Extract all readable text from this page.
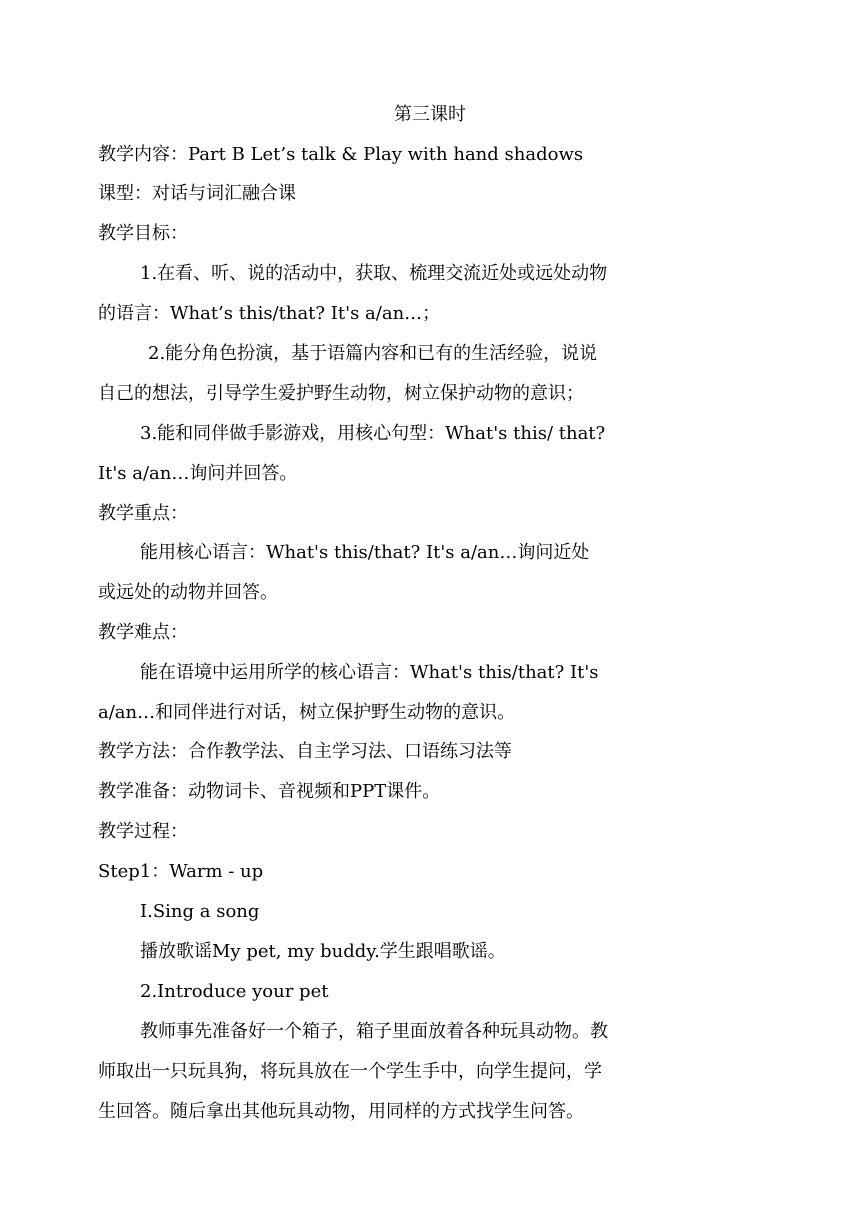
第三课时
教学内容：Part B Let’s talk & Play with hand shadows
课型：对话与词汇融合课
教学目标：
1.在看、听、说的活动中，获取、梳理交流近处或远处动物
的语言：What’s this/that? It's a/an…；
2.能分角色扮演，基于语篇内容和已有的生活经验，说说
自己的想法，引导学生爱护野生动物，树立保护动物的意识；
3.能和同伴做手影游戏，用核心句型：What's this/ that?
It's a/an…询问并回答。
教学重点：
能用核心语言：What's this/that? It's a/an…询问近处
或远处的动物并回答。
教学难点：
能在语境中运用所学的核心语言：What's this/that? It's
a/an…和同伴进行对话，树立保护野生动物的意识。
教学方法：合作教学法、自主学习法、口语练习法等
教学准备：动物词卡、音视频和PPT课件。
教学过程：
Step1：Warm - up
I.Sing a song
播放歌谣My pet, my buddy.学生跟唱歌谣。
2.Introduce your pet
教师事先准备好一个箱子，箱子里面放着各种玩具动物。教
师取出一只玩具狗，将玩具放在一个学生手中，向学生提问，学
生回答。随后拿出其他玩具动物，用同样的方式找学生问答。
